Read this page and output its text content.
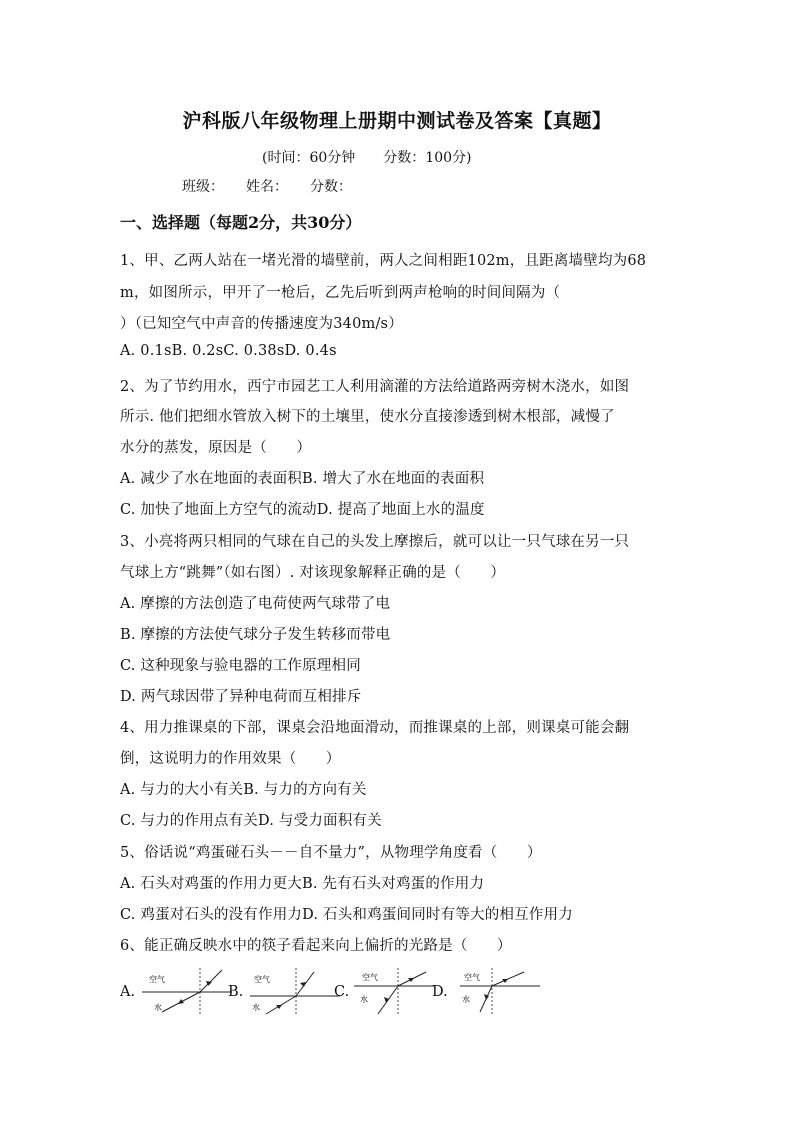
沪科版八年级物理上册期中测试卷及答案【真题】
(时间：60分钟 分数：100分)
班级： 姓名： 分数：
一、选择题（每题2分，共30分）
1、甲、乙两人站在一堵光滑的墙壁前，两人之间相距102m，且距离墙壁均为68
m，如图所示，甲开了一枪后，乙先后听到两声枪响的时间间隔为（
）（已知空气中声音的传播速度为340m/s）
A. 0.1sB. 0.2sC. 0.38sD. 0.4s
2、为了节约用水，西宁市园艺工人利用滴灌的方法给道路两旁树木浇水，如图
所示. 他们把细水管放入树下的土壤里，使水分直接渗透到树木根部，减慢了
水分的蒸发，原因是（　　）
A. 减少了水在地面的表面积B. 增大了水在地面的表面积
C. 加快了地面上方空气的流动D. 提高了地面上水的温度
3、小亮将两只相同的气球在自己的头发上摩擦后，就可以让一只气球在另一只
气球上方“跳舞”（如右图）. 对该现象解释正确的是（　　）
A. 摩擦的方法创造了电荷使两气球带了电
B. 摩擦的方法使气球分子发生转移而带电
C. 这种现象与验电器的工作原理相同
D. 两气球因带了异种电荷而互相排斥
4、用力推课桌的下部，课桌会沿地面滑动，而推课桌的上部，则课桌可能会翻
倒，这说明力的作用效果（　　）
A. 与力的大小有关B. 与力的方向有关
C. 与力的作用点有关D. 与受力面积有关
5、俗话说“鸡蛋碰石头－－自不量力”，从物理学角度看（　　）
A. 石头对鸡蛋的作用力更大B. 先有石头对鸡蛋的作用力
C. 鸡蛋对石头的没有作用力D. 石头和鸡蛋间同时有等大的相互作用力
6、能正确反映水中的筷子看起来向上偏折的光路是（　　）
A.
空气
水
B.
空气
水
C.
空气
水	D.
空气
水
